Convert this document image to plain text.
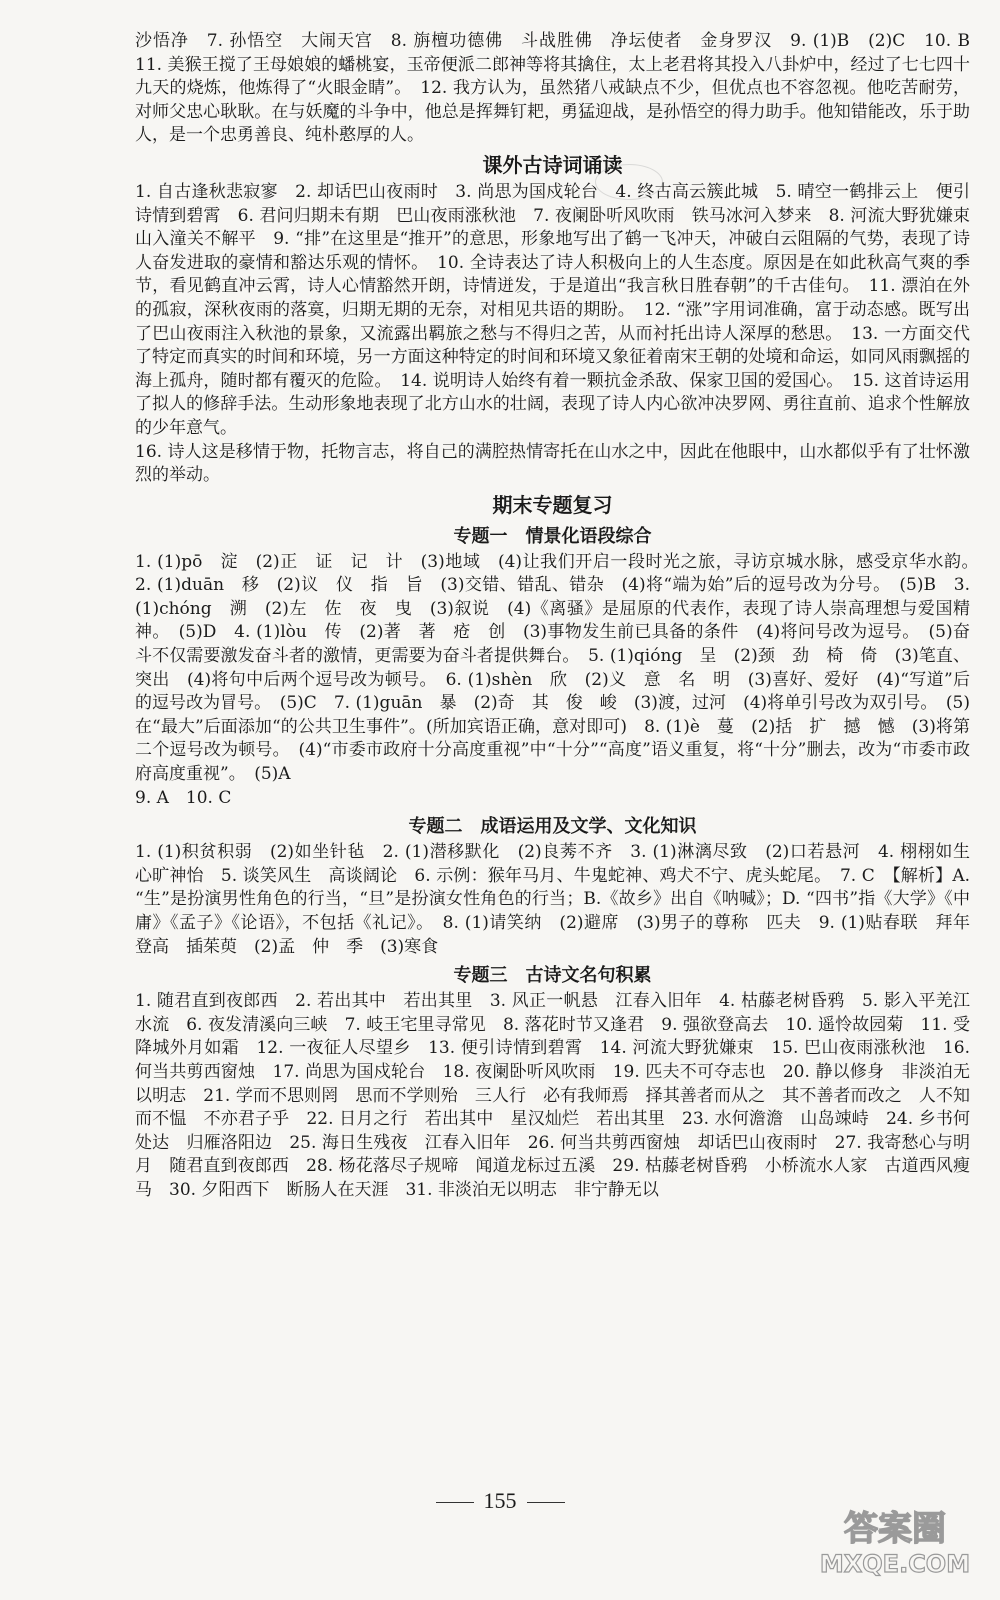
沙悟净　7. 孙悟空　大闹天宫　8. 旃檀功德佛　斗战胜佛　净坛使者　金身罗汉　9. (1)B　(2)C　10. B　11. 美猴王搅了王母娘娘的蟠桃宴，玉帝便派二郎神等将其擒住，太上老君将其投入八卦炉中，经过了七七四十九天的烧炼，他炼得了“火眼金睛”。　12. 我方认为，虽然猪八戒缺点不少，但优点也不容忽视。他吃苦耐劳，对师父忠心耿耿。在与妖魔的斗争中，他总是挥舞钉耙，勇猛迎战，是孙悟空的得力助手。他知错能改，乐于助人，是一个忠勇善良、纯朴憨厚的人。

课外古诗词诵读

1. 自古逢秋悲寂寥　2. 却话巴山夜雨时　3. 尚思为国戍轮台　4. 终古高云簇此城　5. 晴空一鹤排云上　便引诗情到碧霄　6. 君问归期未有期　巴山夜雨涨秋池　7. 夜阑卧听风吹雨　铁马冰河入梦来　8. 河流大野犹嫌束　山入潼关不解平　9. “排”在这里是“推开”的意思，形象地写出了鹤一飞冲天，冲破白云阻隔的气势，表现了诗人奋发进取的豪情和豁达乐观的情怀。　10. 全诗表达了诗人积极向上的人生态度。原因是在如此秋高气爽的季节，看见鹤直冲云霄，诗人心情豁然开朗，诗情迸发，于是道出“我言秋日胜春朝”的千古佳句。　11. 漂泊在外的孤寂，深秋夜雨的落寞，归期无期的无奈，对相见共语的期盼。　12. “涨”字用词准确，富于动态感。既写出了巴山夜雨注入秋池的景象，又流露出羁旅之愁与不得归之苦，从而衬托出诗人深厚的愁思。　13. 一方面交代了特定而真实的时间和环境，另一方面这种特定的时间和环境又象征着南宋王朝的处境和命运，如同风雨飘摇的海上孤舟，随时都有覆灭的危险。　14. 说明诗人始终有着一颗抗金杀敌、保家卫国的爱国心。　15. 这首诗运用了拟人的修辞手法。生动形象地表现了北方山水的壮阔，表现了诗人内心欲冲决罗网、勇往直前、追求个性解放的少年意气。

16. 诗人这是移情于物，托物言志，将自己的满腔热情寄托在山水之中，因此在他眼中，山水都似乎有了壮怀激烈的举动。

期末专题复习

专题一　情景化语段综合

1. (1)pō　淀　(2)正　证　记　计　(3)地域　(4)让我们开启一段时光之旅，寻访京城水脉，感受京华水韵。　2. (1)duān　移　(2)议　仪　指　旨　(3)交错、错乱、错杂　(4)将“端为始”后的逗号改为分号。　(5)B　3. (1)chóng　溯　(2)左　佐　夜　曳　(3)叙说　(4)《离骚》是屈原的代表作，表现了诗人崇高理想与爱国精神。　(5)D　4. (1)lòu　传　(2)著　著　疮　创　(3)事物发生前已具备的条件　(4)将问号改为逗号。　(5)奋斗不仅需要激发奋斗者的激情，更需要为奋斗者提供舞台。　5. (1)qióng　呈　(2)颈　劲　椅　倚　(3)笔直、突出　(4)将句中后两个逗号改为顿号。　6. (1)shèn　欣　(2)义　意　名　明　(3)喜好、爱好　(4)“写道”后的逗号改为冒号。　(5)C　7. (1)guān　暴　(2)奇　其　俊　峻　(3)渡，过河　(4)将单引号改为双引号。　(5)在“最大”后面添加“的公共卫生事件”。(所加宾语正确，意对即可)　8. (1)è　蔓　(2)括　扩　撼　憾　(3)将第二个逗号改为顿号。　(4)“市委市政府十分高度重视”中“十分”“高度”语义重复，将“十分”删去，改为“市委市政府高度重视”。　(5)A

9. A　10. C

专题二　成语运用及文学、文化知识

1. (1)积贫积弱　(2)如坐针毡　2. (1)潜移默化　(2)良莠不齐　3. (1)淋漓尽致　(2)口若悬河　4. 栩栩如生　心旷神怡　5. 谈笑风生　高谈阔论　6. 示例：猴年马月、牛鬼蛇神、鸡犬不宁、虎头蛇尾。　7. C　【解析】A. “生”是扮演男性角色的行当，“旦”是扮演女性角色的行当；B.《故乡》出自《呐喊》；D. “四书”指《大学》《中庸》《孟子》《论语》，不包括《礼记》。　8. (1)请笑纳　(2)避席　(3)男子的尊称　匹夫　9. (1)贴春联　拜年　登高　插茱萸　(2)孟　仲　季　(3)寒食

专题三　古诗文名句积累

1. 随君直到夜郎西　2. 若出其中　若出其里　3. 风正一帆悬　江春入旧年　4. 枯藤老树昏鸦　5. 影入平羌江水流　6. 夜发清溪向三峡　7. 岐王宅里寻常见　8. 落花时节又逢君　9. 强欲登高去　10. 遥怜故园菊　11. 受降城外月如霜　12. 一夜征人尽望乡　13. 便引诗情到碧霄　14. 河流大野犹嫌束　15. 巴山夜雨涨秋池　16. 何当共剪西窗烛　17. 尚思为国戍轮台　18. 夜阑卧听风吹雨　19. 匹夫不可夺志也　20. 静以修身　非淡泊无以明志　21. 学而不思则罔　思而不学则殆　三人行　必有我师焉　择其善者而从之　其不善者而改之　人不知而不愠　不亦君子乎　22. 日月之行　若出其中　星汉灿烂　若出其里　23. 水何澹澹　山岛竦峙　24. 乡书何处达　归雁洛阳边　25. 海日生残夜　江春入旧年　26. 何当共剪西窗烛　却话巴山夜雨时　27. 我寄愁心与明月　随君直到夜郎西　28. 杨花落尽子规啼　闻道龙标过五溪　29. 枯藤老树昏鸦　小桥流水人家　古道西风瘦马　30. 夕阳西下　断肠人在天涯　31. 非淡泊无以明志　非宁静无以

155
答案圈
MXQE.COM
